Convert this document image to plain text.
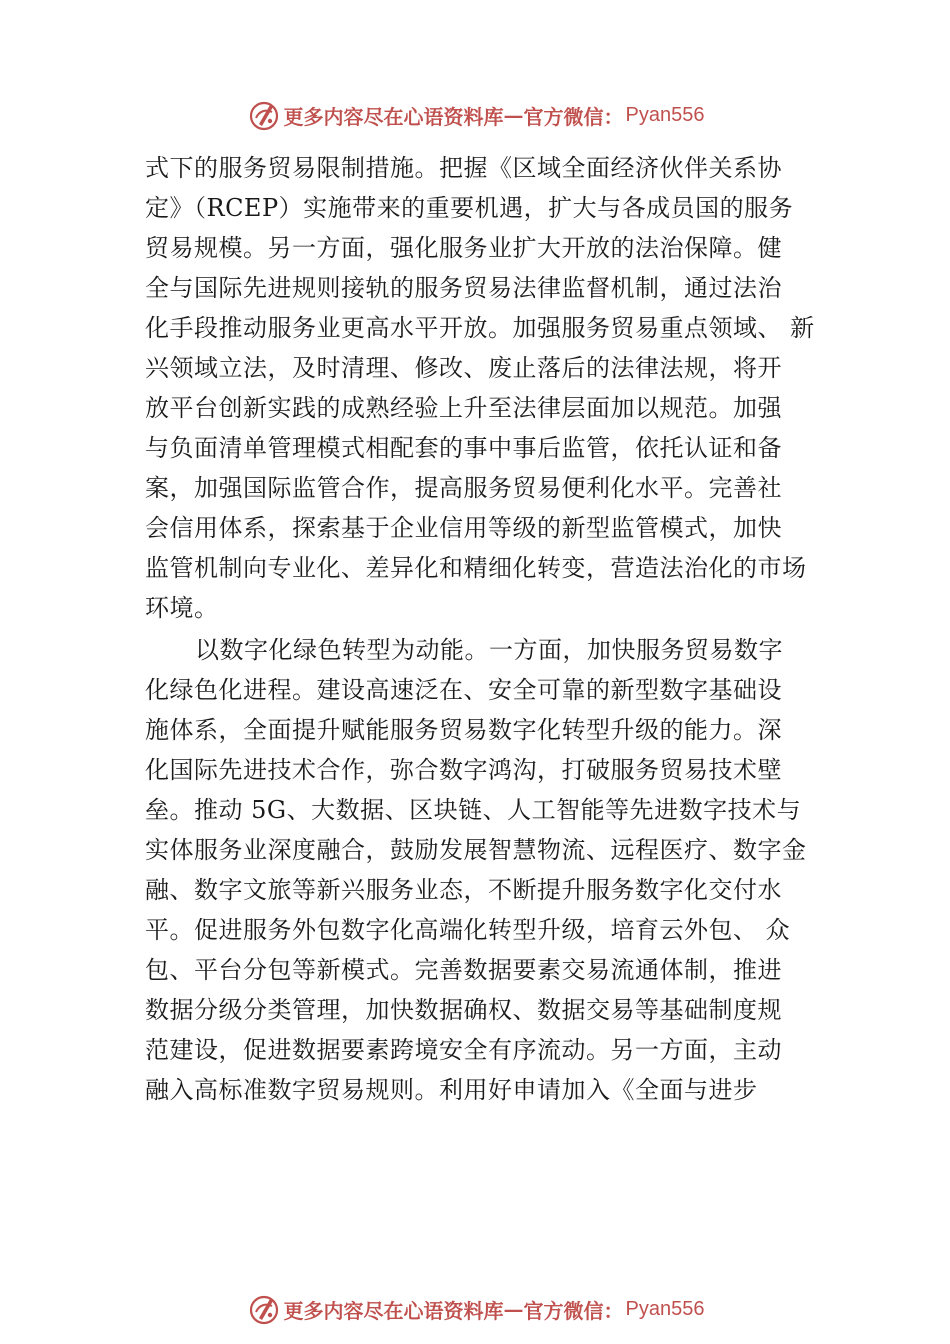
更多内容尽在心语资料库 — 官方微信： Pyan556
式下的服务贸易限制措施。把握《区域全面经济伙伴关系协
定》（RCEP）实施带来的重要机遇，扩大与各成员国的服务
贸易规模。另一方面，强化服务业扩大开放的法治保障。健
全与国际先进规则接轨的服务贸易法律监督机制，通过法治
化手段推动服务业更高水平开放。加强服务贸易重点领域、 新
兴领域立法，及时清理、修改、废止落后的法律法规，将开
放平台创新实践的成熟经验上升至法律层面加以规范。加强
与负面清单管理模式相配套的事中事后监管，依托认证和备
案，加强国际监管合作，提高服务贸易便利化水平。完善社
会信用体系，探索基于企业信用等级的新型监管模式，加快
监管机制向专业化、差异化和精细化转变，营造法治化的市场
环境。
以数字化绿色转型为动能。一方面，加快服务贸易数字
化绿色化进程。建设高速泛在、安全可靠的新型数字基础设
施体系，全面提升赋能服务贸易数字化转型升级的能力。深
化国际先进技术合作，弥合数字鸿沟，打破服务贸易技术壁
垒。推动 5G、大数据、区块链、人工智能等先进数字技术与
实体服务业深度融合，鼓励发展智慧物流、远程医疗、数字金
融、数字文旅等新兴服务业态，不断提升服务数字化交付水
平。促进服务外包数字化高端化转型升级，培育云外包、 众
包、平台分包等新模式。完善数据要素交易流通体制，推进
数据分级分类管理，加快数据确权、数据交易等基础制度规
范建设，促进数据要素跨境安全有序流动。另一方面，主动
融入高标准数字贸易规则。利用好申请加入《全面与进步
更多内容尽在心语资料库 — 官方微信： Pyan556
